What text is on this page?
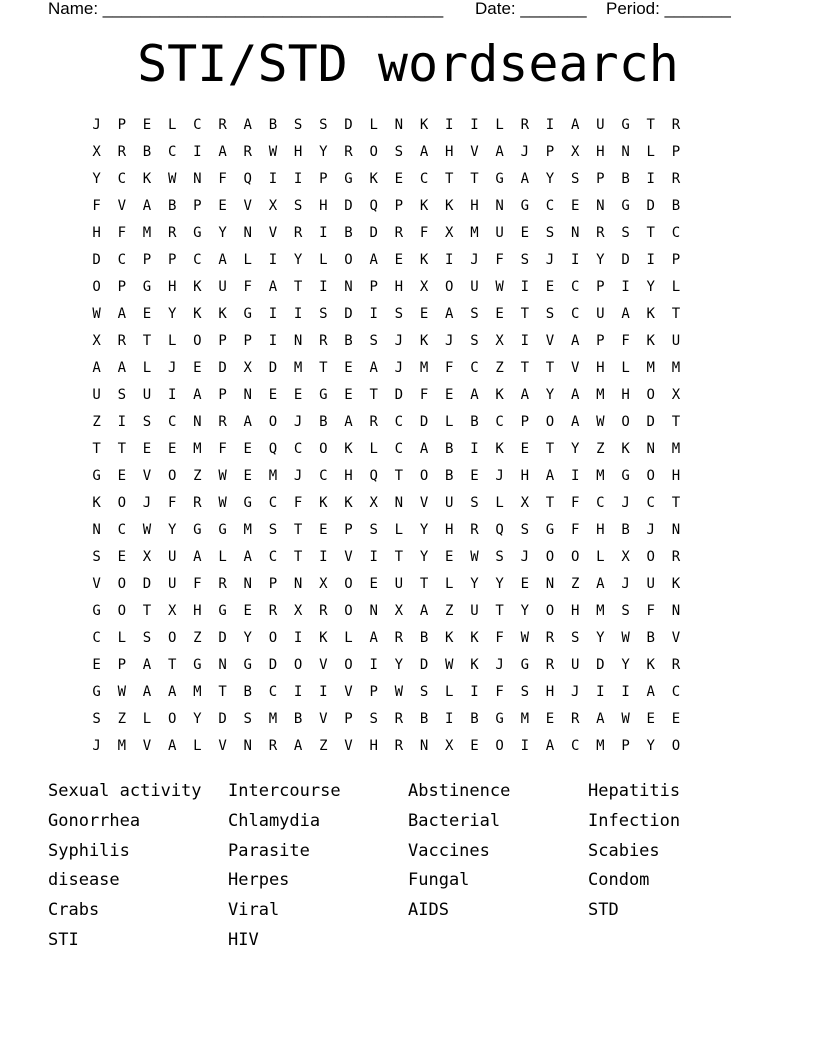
Name: ____________________________________ Date: _______ Period: _______
STI/STD wordsearch
J	P	E	L	C	R	A	B	S	S	D	L	N	K	I	I	L	R	I	A	U	G	T	R
X	R	B	C	I	A	R	W	H	Y	R	O	S	A	H	V	A	J	P	X	H	N	L	P
Y	C	K	W	N	F	Q	I	I	P	G	K	E	C	T	T	G	A	Y	S	P	B	I	R
F	V	A	B	P	E	V	X	S	H	D	Q	P	K	K	H	N	G	C	E	N	G	D	B
H	F	M	R	G	Y	N	V	R	I	B	D	R	F	X	M	U	E	S	N	R	S	T	C
D	C	P	P	C	A	L	I	Y	L	O	A	E	K	I	J	F	S	J	I	Y	D	I	P
O	P	G	H	K	U	F	A	T	I	N	P	H	X	O	U	W	I	E	C	P	I	Y	L
W	A	E	Y	K	K	G	I	I	S	D	I	S	E	A	S	E	T	S	C	U	A	K	T
X	R	T	L	O	P	P	I	N	R	B	S	J	K	J	S	X	I	V	A	P	F	K	U
A	A	L	J	E	D	X	D	M	T	E	A	J	M	F	C	Z	T	T	V	H	L	M	M
U	S	U	I	A	P	N	E	E	G	E	T	D	F	E	A	K	A	Y	A	M	H	O	X
Z	I	S	C	N	R	A	O	J	B	A	R	C	D	L	B	C	P	O	A	W	O	D	T
T	T	E	E	M	F	E	Q	C	O	K	L	C	A	B	I	K	E	T	Y	Z	K	N	M
G	E	V	O	Z	W	E	M	J	C	H	Q	T	O	B	E	J	H	A	I	M	G	O	H
K	O	J	F	R	W	G	C	F	K	K	X	N	V	U	S	L	X	T	F	C	J	C	T
N	C	W	Y	G	G	M	S	T	E	P	S	L	Y	H	R	Q	S	G	F	H	B	J	N
S	E	X	U	A	L	A	C	T	I	V	I	T	Y	E	W	S	J	O	O	L	X	O	R
V	O	D	U	F	R	N	P	N	X	O	E	U	T	L	Y	Y	E	N	Z	A	J	U	K
G	O	T	X	H	G	E	R	X	R	O	N	X	A	Z	U	T	Y	O	H	M	S	F	N
C	L	S	O	Z	D	Y	O	I	K	L	A	R	B	K	K	F	W	R	S	Y	W	B	V
E	P	A	T	G	N	G	D	O	V	O	I	Y	D	W	K	J	G	R	U	D	Y	K	R
G	W	A	A	M	T	B	C	I	I	V	P	W	S	L	I	F	S	H	J	I	I	A	C
S	Z	L	O	Y	D	S	M	B	V	P	S	R	B	I	B	G	M	E	R	A	W	E	E
J	M	V	A	L	V	N	R	A	Z	V	H	R	N	X	E	O	I	A	C	M	P	Y	O
Sexual activity	Intercourse	Abstinence	Hepatitis
Gonorrhea	Chlamydia	Bacterial	Infection
Syphilis	Parasite	Vaccines	Scabies
disease	Herpes	Fungal	Condom
Crabs	Viral	AIDS	STD
STI	HIV
